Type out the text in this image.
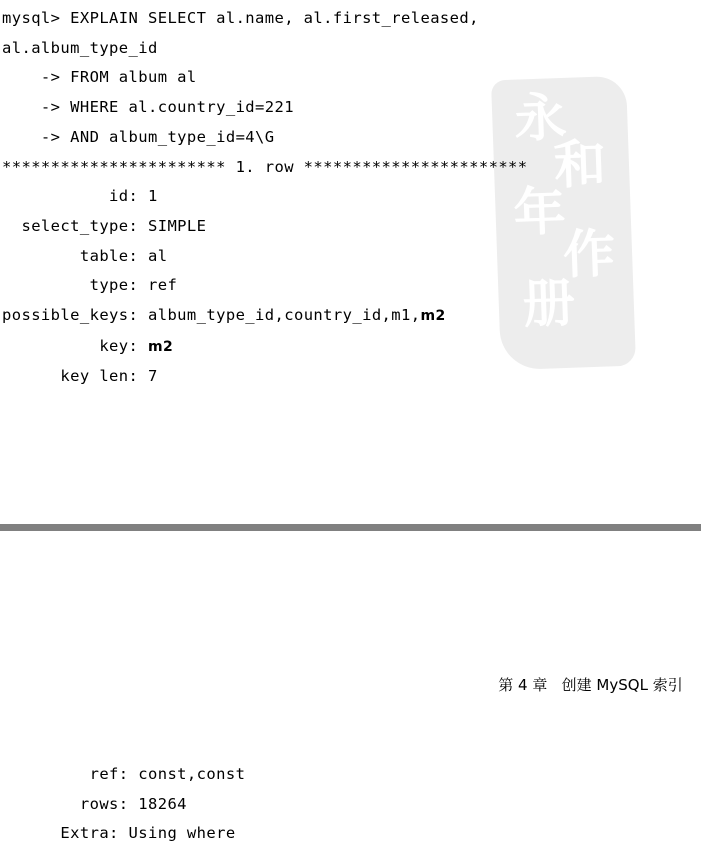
永
和
年
作
册
mysql> EXPLAIN SELECT al.name, al.first_released,
al.album_type_id
-> FROM album al
-> WHERE al.country_id=221
-> AND album_type_id=4\G
*********************** 1. row ***********************
id: 1
select_type: SIMPLE
table: al
type: ref
possible_keys: album_type_id,country_id,m1,m2
key: m2
key len: 7
第 4 章   创建 MySQL 索引
ref: const,const
rows: 18264
Extra: Using where
